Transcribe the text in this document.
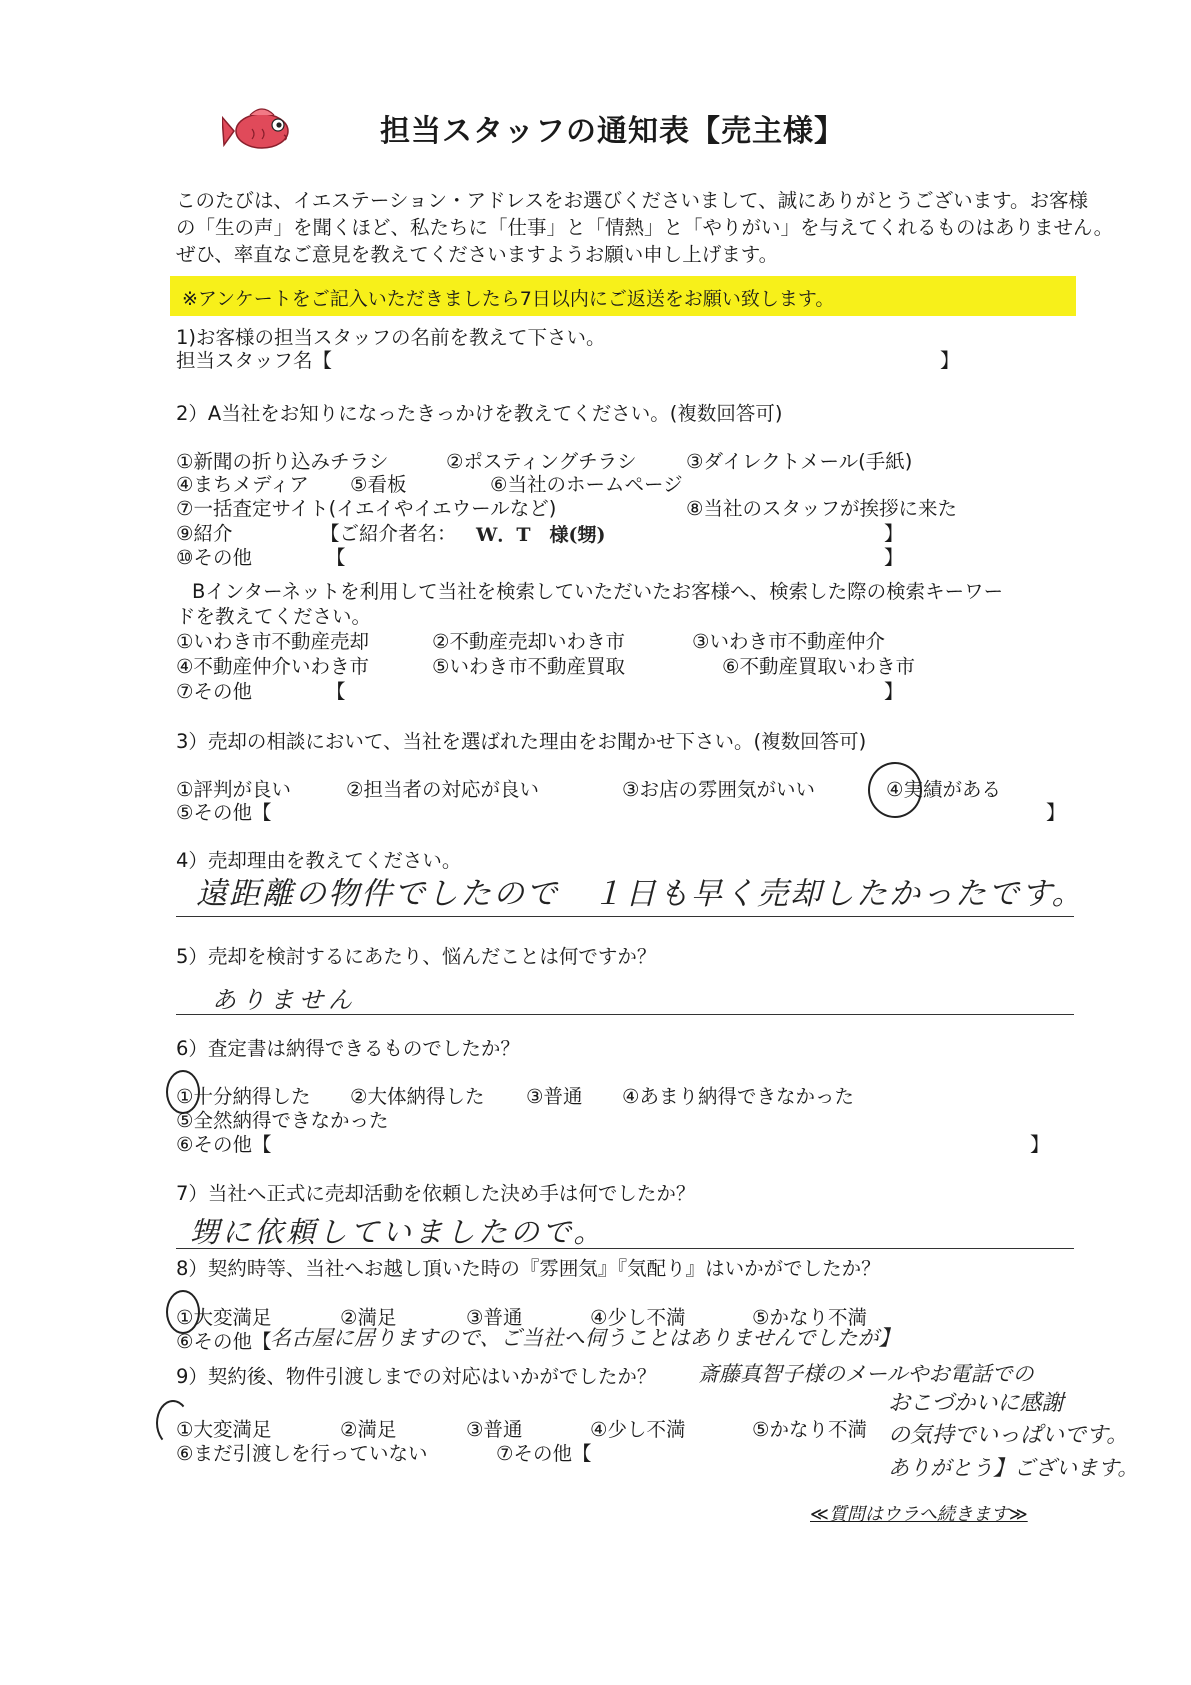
担当スタッフの通知表【売主様】
このたびは、イエステーション・アドレスをお選びくださいまして、誠にありがとうございます。お客様
の「生の声」を聞くほど、私たちに「仕事」と「情熱」と「やりがい」を与えてくれるものはありません。
ぜひ、率直なご意見を教えてくださいますようお願い申し上げます。
※アンケートをご記入いただきましたら7日以内にご返送をお願い致します。
1)お客様の担当スタッフの名前を教えて下さい。
担当スタッフ名【	】
2）A当社をお知りになったきっかけを教えてください。(複数回答可)
①新聞の折り込みチラシ	②ポスティングチラシ	③ダイレクトメール(手紙)
④まちメディア ⑤看板	⑥当社のホームページ
⑦一括査定サイト(イエイやイエウールなど)	⑧当社のスタッフが挨拶に来た
⑨紹介	【ご紹介者名： W．T　様(甥)	】
⑩その他	【	】
Bインターネットを利用して当社を検索していただいたお客様へ、検索した際の検索キーワー
ドを教えてください。
①いわき市不動産売却	②不動産売却いわき市	③いわき市不動産仲介
④不動産仲介いわき市	⑤いわき市不動産買取	⑥不動産買取いわき市
⑦その他	【	】
3）売却の相談において、当社を選ばれた理由をお聞かせ下さい。(複数回答可)
①評判が良い	②担当者の対応が良い	③お店の雰囲気がいい	④実績がある
⑤その他【	】
4）売却理由を教えてください。
遠距離の物件でしたので　１日も早く売却したかったです。
5）売却を検討するにあたり、悩んだことは何ですか？
ありません
6）査定書は納得できるものでしたか？
①十分納得した ②大体納得した ③普通 ④あまり納得できなかった
⑤全然納得できなかった
⑥その他【	】
7）当社へ正式に売却活動を依頼した決め手は何でしたか？
甥に依頼していましたので。
8）契約時等、当社へお越し頂いた時の『雰囲気』『気配り』はいかがでしたか？
①大変満足	②満足	③普通	④少し不満	⑤かなり不満
⑥その他【
名古屋に居りますので、ご当社へ伺うことはありませんでしたが】
9）契約後、物件引渡しまでの対応はいかがでしたか？
①大変満足	②満足	③普通	④少し不満	⑤かなり不満
⑥まだ引渡しを行っていない	⑦その他【
斎藤真智子様のメールやお電話での
おこづかいに感謝
の気持でいっぱいです。
ありがとう】ございます。
≪質問はウラへ続きます≫
